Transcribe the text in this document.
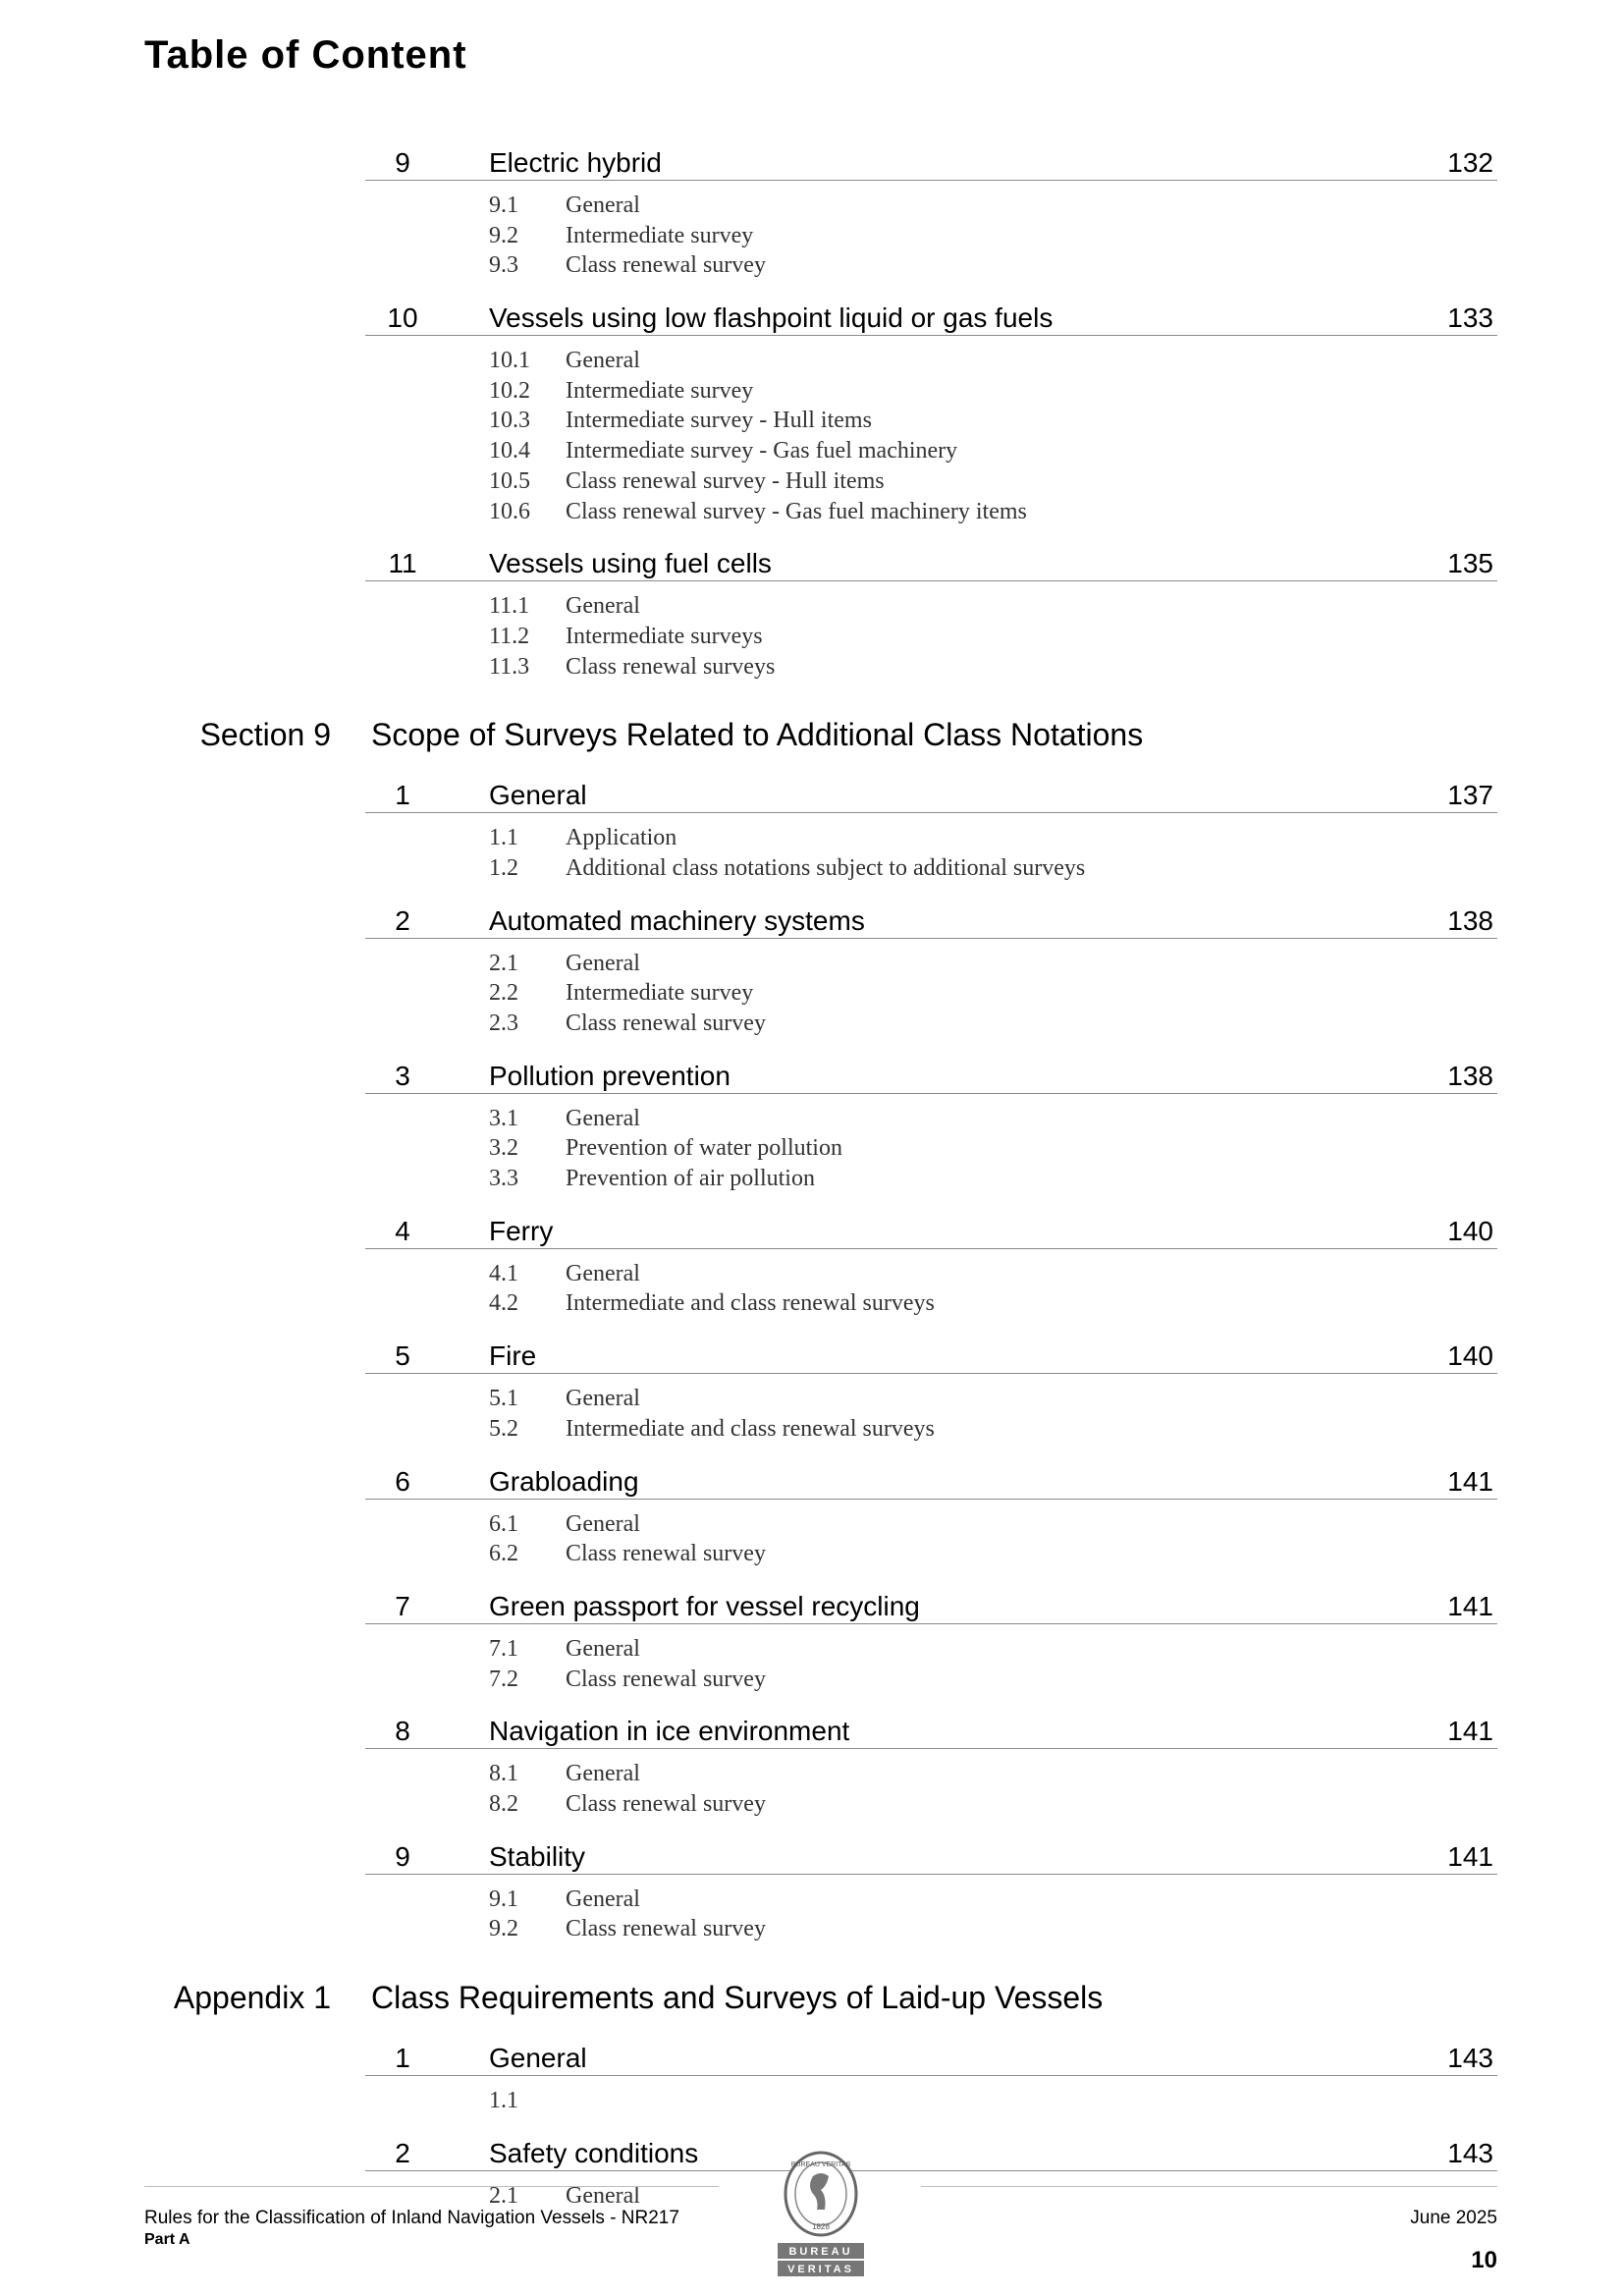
Table of Content
9	Electric hybrid	132
9.1 General
9.2 Intermediate survey
9.3 Class renewal survey
10	Vessels using low flashpoint liquid or gas fuels	133
10.1 General
10.2 Intermediate survey
10.3 Intermediate survey - Hull items
10.4 Intermediate survey - Gas fuel machinery
10.5 Class renewal survey - Hull items
10.6 Class renewal survey - Gas fuel machinery items
11	Vessels using fuel cells	135
11.1 General
11.2 Intermediate surveys
11.3 Class renewal surveys
Section 9 Scope of Surveys Related to Additional Class Notations
1	General	137
1.1 Application
1.2 Additional class notations subject to additional surveys
2	Automated machinery systems	138
2.1 General
2.2 Intermediate survey
2.3 Class renewal survey
3	Pollution prevention	138
3.1 General
3.2 Prevention of water pollution
3.3 Prevention of air pollution
4	Ferry	140
4.1 General
4.2 Intermediate and class renewal surveys
5	Fire	140
5.1 General
5.2 Intermediate and class renewal surveys
6	Grabloading	141
6.1 General
6.2 Class renewal survey
7	Green passport for vessel recycling	141
7.1 General
7.2 Class renewal survey
8	Navigation in ice environment	141
8.1 General
8.2 Class renewal survey
9	Stability	141
9.1 General
9.2 Class renewal survey
Appendix 1 Class Requirements and Surveys of Laid-up Vessels
1	General	143
1.1
2	Safety conditions	143
2.1 General
Rules for the Classification of Inland Navigation Vessels - NR217
Part A
June 2025
10
BUREAU VERITAS
1828
BUREAU
VERITAS
